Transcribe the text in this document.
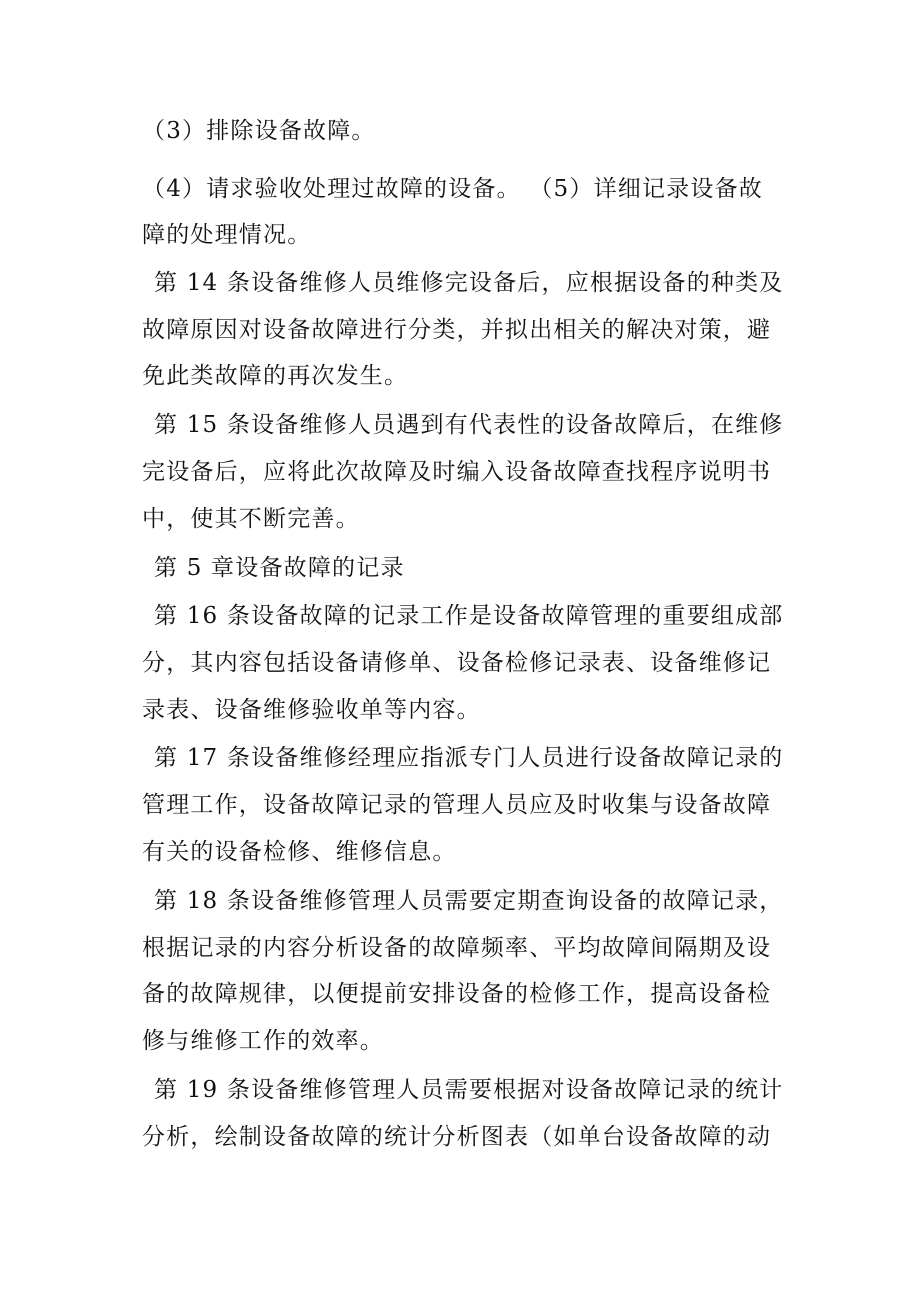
（3）排除设备故障。
（4）请求验收处理过故障的设备。 （5）详细记录设备故
障的处理情况。
第 14 条设备维修人员维修完设备后，应根据设备的种类及
故障原因对设备故障进行分类，并拟出相关的解决对策，避
免此类故障的再次发生。
第 15 条设备维修人员遇到有代表性的设备故障后，在维修
完设备后，应将此次故障及时编入设备故障查找程序说明书
中，使其不断完善。
第 5 章设备故障的记录
第 16 条设备故障的记录工作是设备故障管理的重要组成部
分，其内容包括设备请修单、设备检修记录表、设备维修记
录表、设备维修验收单等内容。
第 17 条设备维修经理应指派专门人员进行设备故障记录的
管理工作，设备故障记录的管理人员应及时收集与设备故障
有关的设备检修、维修信息。
第 18 条设备维修管理人员需要定期查询设备的故障记录，
根据记录的内容分析设备的故障频率、平均故障间隔期及设
备的故障规律，以便提前安排设备的检修工作，提高设备检
修与维修工作的效率。
第 19 条设备维修管理人员需要根据对设备故障记录的统计
分析，绘制设备故障的统计分析图表（如单台设备故障的动
